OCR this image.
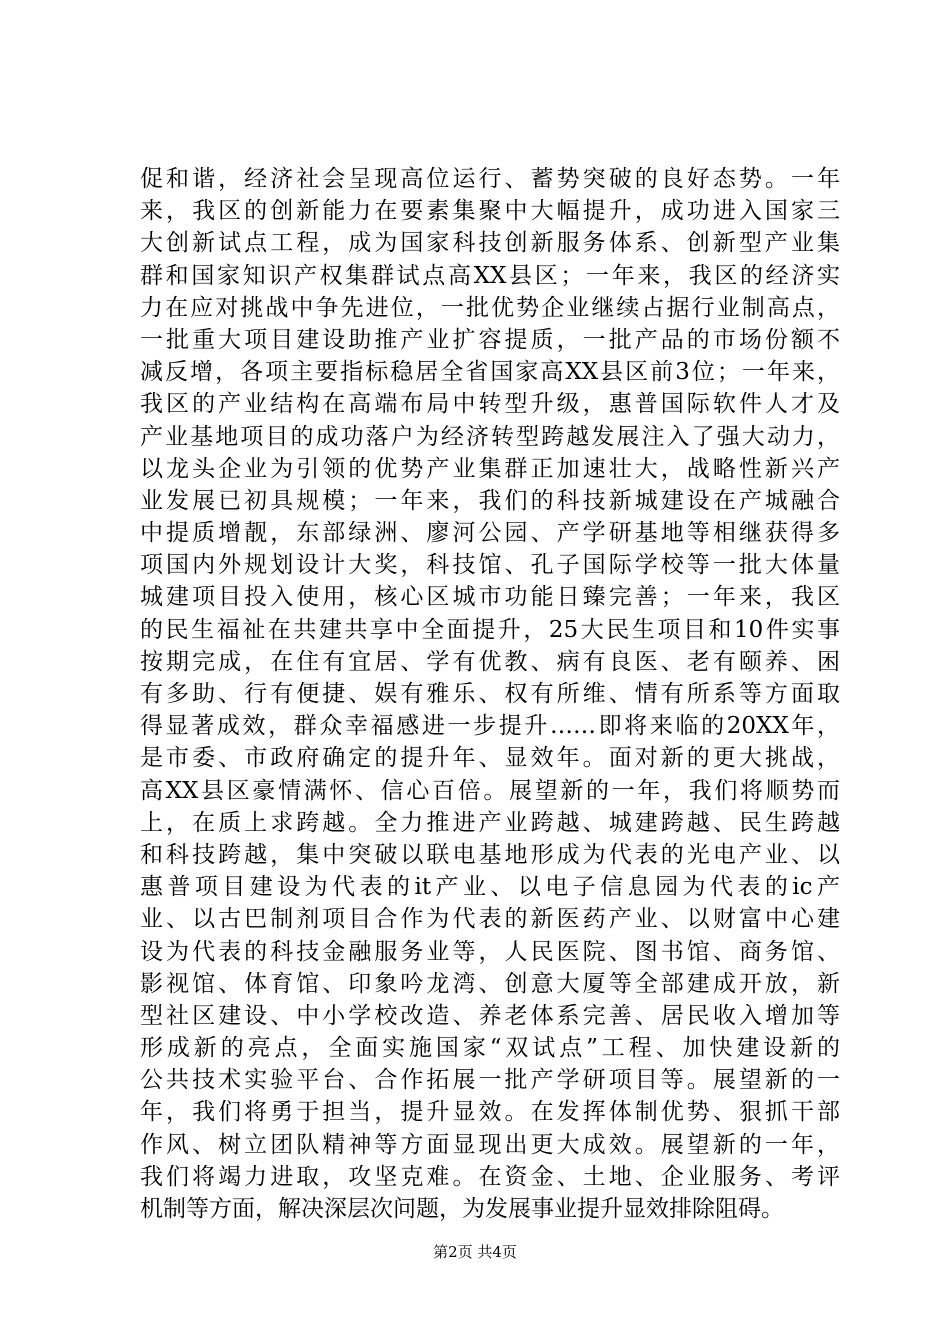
促和谐，经济社会呈现高位运行、蓄势突破的良好态势。一年

来，我区的创新能力在要素集聚中大幅提升，成功进入国家三

大创新试点工程，成为国家科技创新服务体系、创新型产业集

群和国家知识产权集群试点高XX县区；一年来，我区的经济实

力在应对挑战中争先进位，一批优势企业继续占据行业制高点，

一批重大项目建设助推产业扩容提质，一批产品的市场份额不

减反增，各项主要指标稳居全省国家高XX县区前3位；一年来，

我区的产业结构在高端布局中转型升级，惠普国际软件人才及

产业基地项目的成功落户为经济转型跨越发展注入了强大动力，

以龙头企业为引领的优势产业集群正加速壮大，战略性新兴产

业发展已初具规模；一年来，我们的科技新城建设在产城融合

中提质增靓，东部绿洲、廖河公园、产学研基地等相继获得多

项国内外规划设计大奖，科技馆、孔子国际学校等一批大体量

城建项目投入使用，核心区城市功能日臻完善；一年来，我区

的民生福祉在共建共享中全面提升，25大民生项目和10件实事

按期完成，在住有宜居、学有优教、病有良医、老有颐养、困

有多助、行有便捷、娱有雅乐、权有所维、情有所系等方面取

得显著成效，群众幸福感进一步提升……即将来临的20XX年，

是市委、市政府确定的提升年、显效年。面对新的更大挑战，

高XX县区豪情满怀、信心百倍。展望新的一年，我们将顺势而

上，在质上求跨越。全力推进产业跨越、城建跨越、民生跨越

和科技跨越，集中突破以联电基地形成为代表的光电产业、以

惠普项目建设为代表的it产业、以电子信息园为代表的ic产

业、以古巴制剂项目合作为代表的新医药产业、以财富中心建

设为代表的科技金融服务业等，人民医院、图书馆、商务馆、

影视馆、体育馆、印象吟龙湾、创意大厦等全部建成开放，新

型社区建设、中小学校改造、养老体系完善、居民收入增加等

形成新的亮点，全面实施国家“双试点”工程、加快建设新的

公共技术实验平台、合作拓展一批产学研项目等。展望新的一

年，我们将勇于担当，提升显效。在发挥体制优势、狠抓干部

作风、树立团队精神等方面显现出更大成效。展望新的一年，

我们将竭力进取，攻坚克难。在资金、土地、企业服务、考评

机制等方面，解决深层次问题，为发展事业提升显效排除阻碍。

第2页 共4页
